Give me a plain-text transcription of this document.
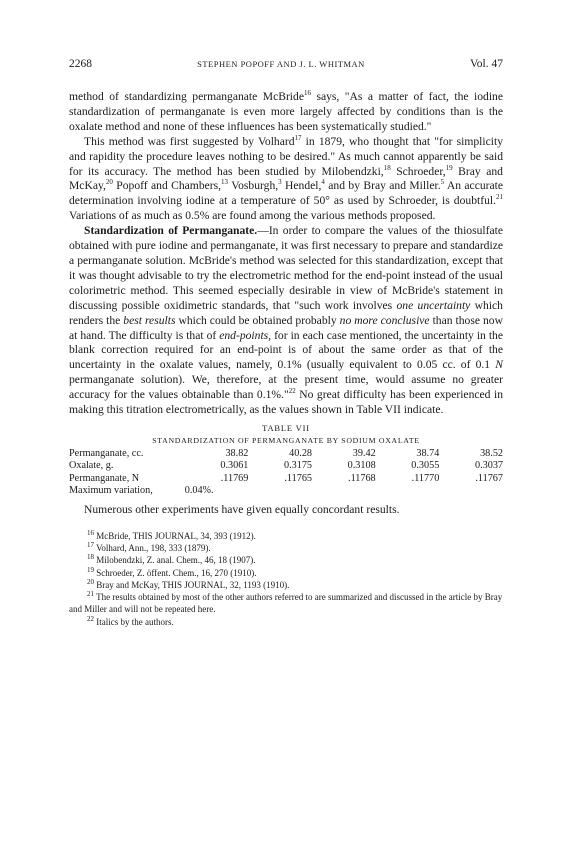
2268	STEPHEN POPOFF AND J. L. WHITMAN	Vol. 47

method of standardizing permanganate McBride$^{16}$ says, "As a matter of fact, the iodine standardization of permanganate is even more largely affected by conditions than is the oxalate method and none of these influences has been systematically studied."

This method was first suggested by Volhard$^{17}$ in 1879, who thought that "for simplicity and rapidity the procedure leaves nothing to be desired." As much cannot apparently be said for its accuracy. The method has been studied by Milobendzki,$^{18}$ Schroeder,$^{19}$ Bray and McKay,$^{20}$ Popoff and Chambers,$^{13}$ Vosburgh,$^3$ Hendel,$^4$ and by Bray and Miller.$^5$ An accurate determination involving iodine at a temperature of 50° as used by Schroeder, is doubtful.$^{21}$ Variations of as much as 0.5% are found among the various methods proposed.

Standardization of Permanganate.—In order to compare the values of the thiosulfate obtained with pure iodine and permanganate, it was first necessary to prepare and standardize a permanganate solution. McBride's method was selected for this standardization, except that it was thought advisable to try the electrometric method for the end-point instead of the usual colorimetric method. This seemed especially desirable in view of McBride's statement in discussing possible oxidimetric standards, that "such work involves one uncertainty which renders the best results which could be obtained probably no more conclusive than those now at hand. The difficulty is that of end-points, for in each case mentioned, the uncertainty in the blank correction required for an end-point is of about the same order as that of the uncertainty in the oxalate values, namely, 0.1% (usually equivalent to 0.05 cc. of 0.1 N permanganate solution). We, therefore, at the present time, would assume no greater accuracy for the values obtainable than 0.1%."$^{22}$ No great difficulty has been experienced in making this titration electrometrically, as the values shown in Table VII indicate.

TABLE VII
STANDARDIZATION OF PERMANGANATE BY SODIUM OXALATE
Permanganate, cc.	38.82	40.28	39.42	38.74	38.52
Oxalate, g.	0.3061	0.3175	0.3108	0.3055	0.3037
Permanganate, N	.11769	.11765	.11768	.11770	.11767
Maximum variation,	0.04%.				

Numerous other experiments have given equally concordant results.

$^{16}$ McBride, THIS JOURNAL, 34, 393 (1912).
$^{17}$ Volhard, Ann., 198, 333 (1879).
$^{18}$ Milobendzki, Z. anal. Chem., 46, 18 (1907).
$^{19}$ Schroeder, Z. öffent. Chem., 16, 270 (1910).
$^{20}$ Bray and McKay, THIS JOURNAL, 32, 1193 (1910).
$^{21}$ The results obtained by most of the other authors referred to are summarized and discussed in the article by Bray and Miller and will not be repeated here.
$^{22}$ Italics by the authors.
